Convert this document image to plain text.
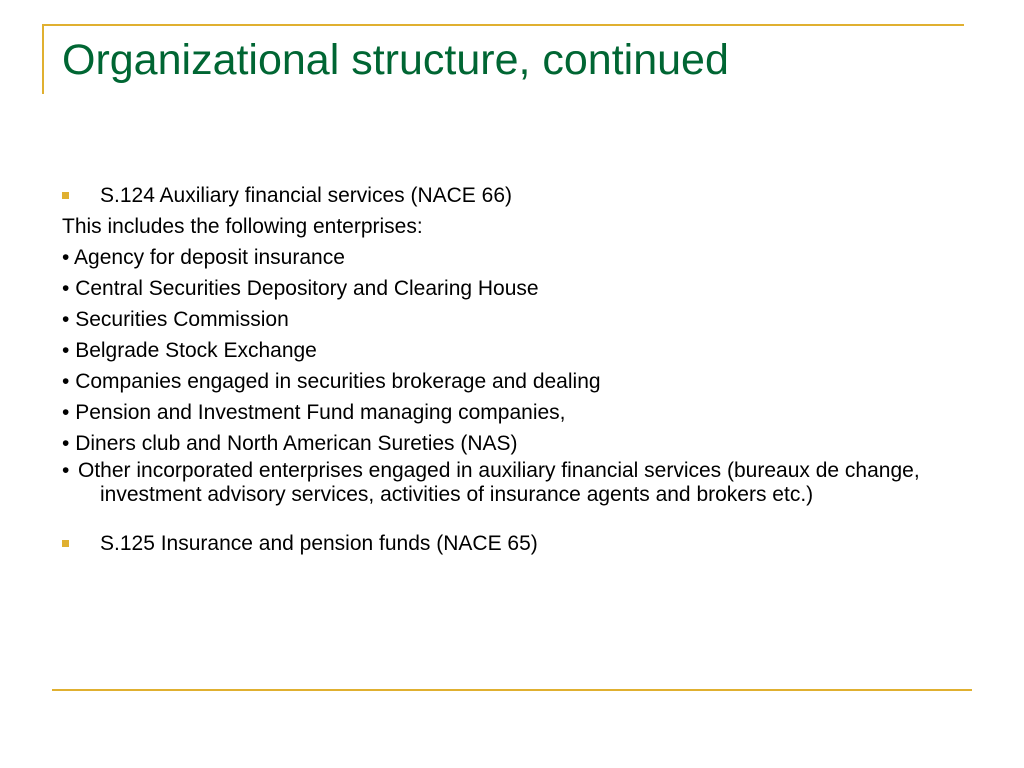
Organizational structure, continued
S.124 Auxiliary financial services (NACE 66)
This includes the following enterprises:
• Agency for deposit insurance
• Central Securities Depository and Clearing House
• Securities Commission
• Belgrade Stock Exchange
• Companies engaged in securities brokerage and dealing
• Pension and Investment Fund managing companies,
• Diners club and North American Sureties (NAS)
• Other incorporated enterprises engaged in auxiliary financial services (bureaux de change, investment advisory services, activities of insurance agents and brokers etc.)
S.125 Insurance and pension funds (NACE 65)
